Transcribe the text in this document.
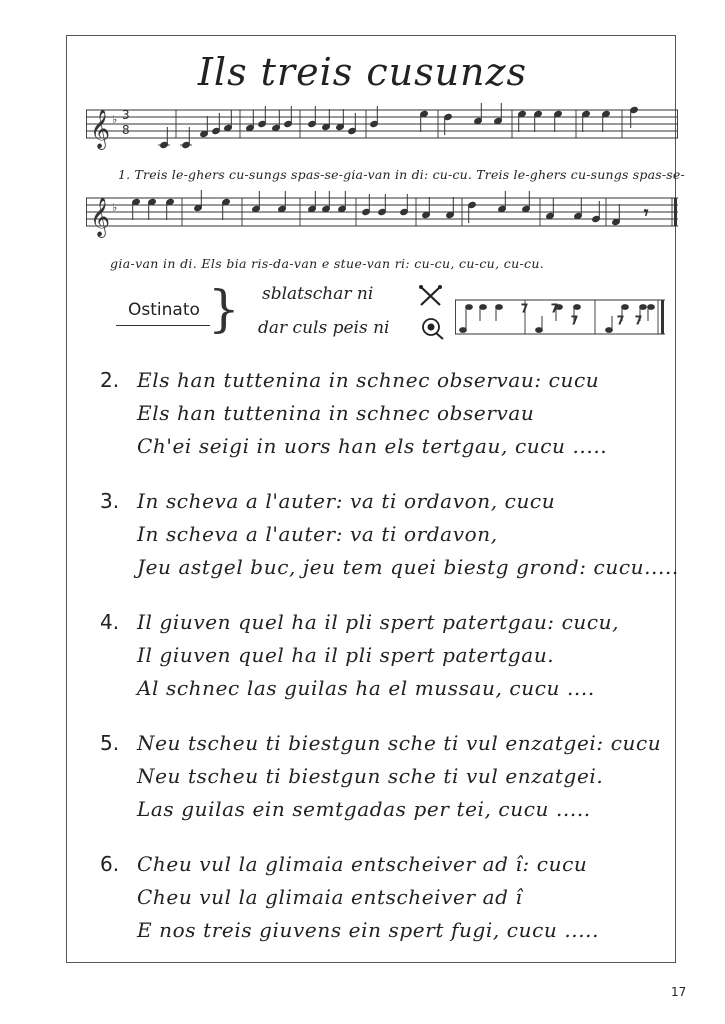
Ils treis cusunzs
𝄞 ♭ 3
8
1. Treis le-ghers cu-sungs spas-se-gia-van in di: cu-cu. Treis le-ghers cu-sungs spas-se-
𝄞 ♭	𝄾
gia-van in di. Els bia ris-da-van e stue-van ri: cu-cu, cu-cu, cu-cu.
Ostinato } sblatschar ni
dar culs peis ni
7 7
7	7 7
2. Els han tuttenina in schnec observau: cucu
Els han tuttenina in schnec observau
Ch'ei seigi in uors han els tertgau, cucu .....
3. In scheva a l'auter: va ti ordavon, cucu
In scheva a l'auter: va ti ordavon,
Jeu astgel buc, jeu tem quei biestg grond: cucu.....
4. Il giuven quel ha il pli spert patertgau: cucu,
Il giuven quel ha il pli spert patertgau.
Al schnec las guilas ha el mussau, cucu ....
5. Neu tscheu ti biestgun sche ti vul enzatgei: cucu
Neu tscheu ti biestgun sche ti vul enzatgei.
Las guilas ein semtgadas per tei, cucu .....
6. Cheu vul la glimaia entscheiver ad î: cucu
Cheu vul la glimaia entscheiver ad î
E nos treis giuvens ein spert fugi, cucu .....
17
